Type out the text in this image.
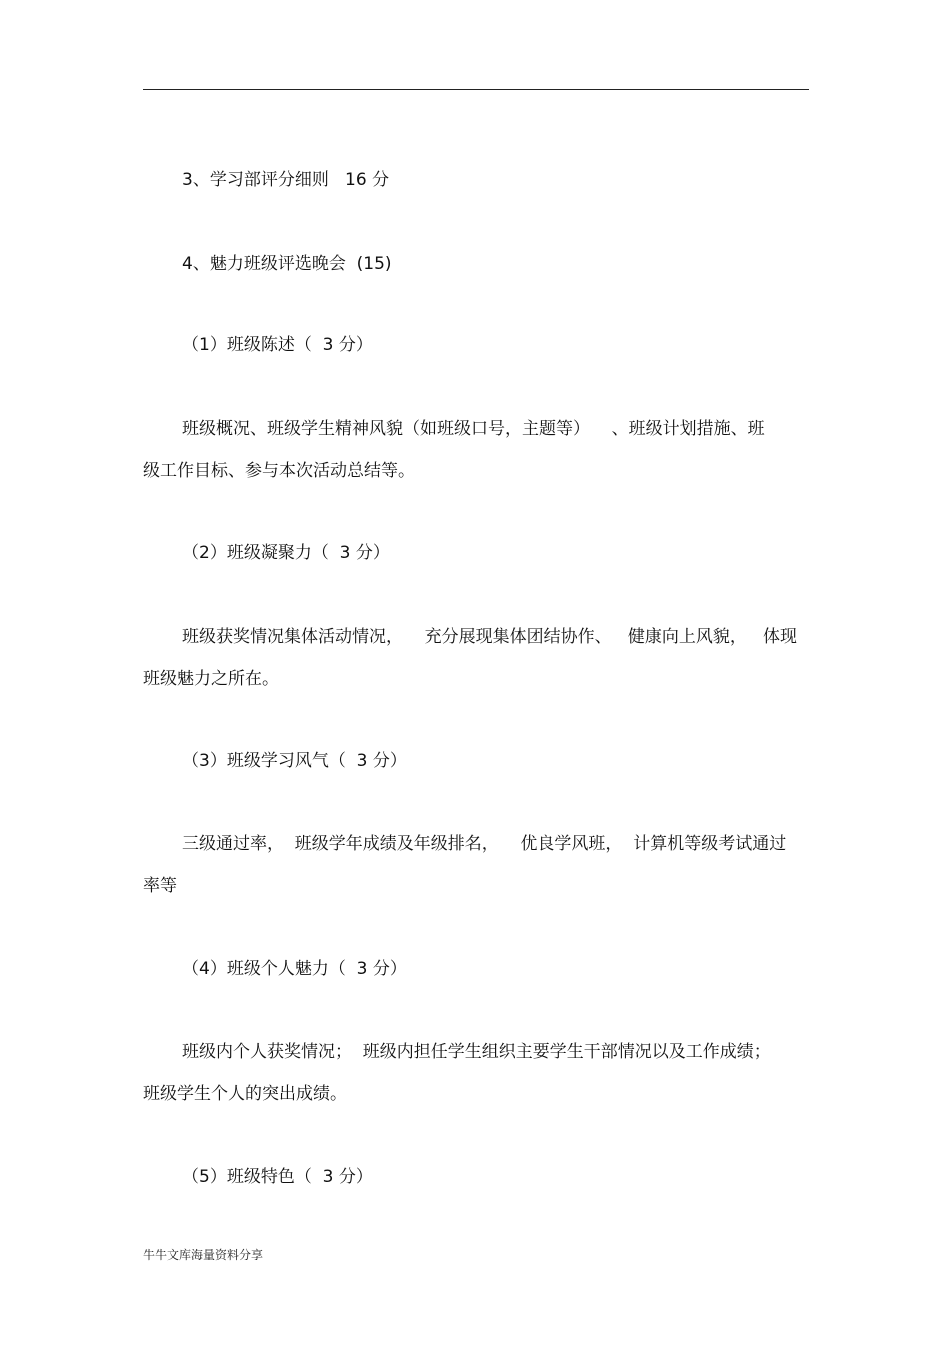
3、学习部评分细则   16 分
4、魅力班级评选晚会  (15)
（1）班级陈述（  3 分）
班级概况、班级学生精神风貌（如班级口号，主题等）    、班级计划措施、班
级工作目标、参与本次活动总结等。
（2）班级凝聚力（  3 分）
班级获奖情况集体活动情况，    充分展现集体团结协作、   健康向上风貌，   体现
班级魅力之所在。
（3）班级学习风气（  3 分）
三级通过率，  班级学年成绩及年级排名，    优良学风班，  计算机等级考试通过
率等
（4）班级个人魅力（  3 分）
班级内个人获奖情况；  班级内担任学生组织主要学生干部情况以及工作成绩；
班级学生个人的突出成绩。
（5）班级特色（  3 分）
牛牛文库海量资料分享
